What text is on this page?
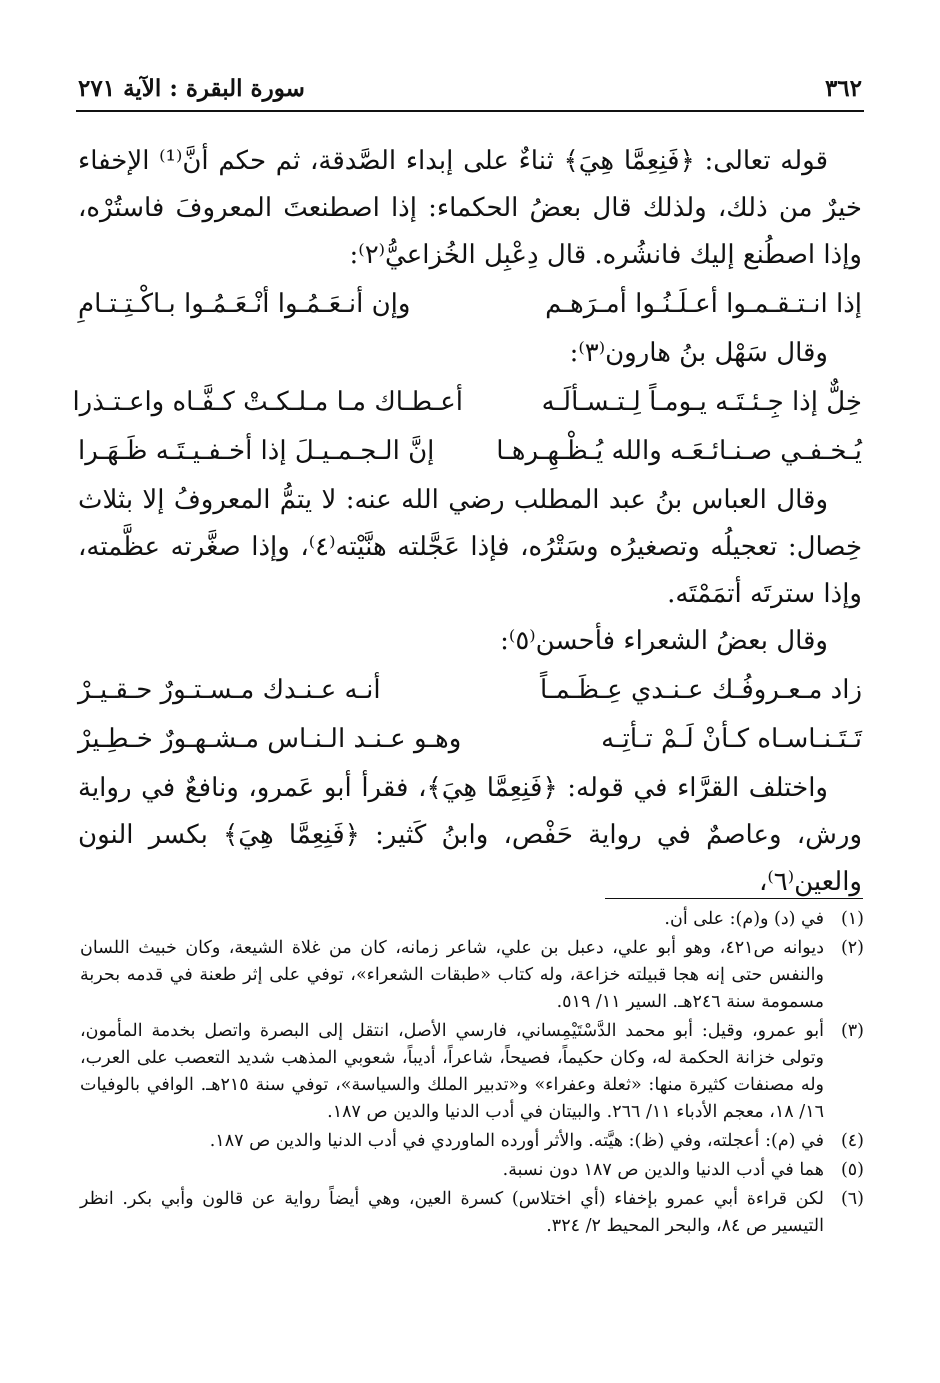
٣٦٢
سورة البقرة : الآية ٢٧١

قوله تعالى: ﴿فَنِعِمَّا هِيَ﴾ ثناءٌ على إبداء الصَّدقة، ثم حكم أنَّ⁽¹⁾ الإخفاء خيرٌ من ذلك، ولذلك قال بعضُ الحكماء: إذا اصطنعتَ المعروفَ فاستُرْه، وإذا اصطُنع إليك فانشُره. قال دِعْبِل الخُزاعيُّ⁽٢⁾:

إذا انـتـقـمـوا أعـلَـنُـوا أمـرَهـم
وإن أنـعَـمُـوا أنْـعَـمُـوا بـاكْـتِـتـامِ

وقال سَهْل بنُ هارون⁽٣⁾:

خِلٌّ إذا جِـئـتَـه يـومـاً لِـتـسـألَـه
أعـطـاك مـا مـلـكـتْ كـفَّـاه واعـتـذرا
يُـخـفـي صـنـائـعَـه والله يُـظْـهِـرهـا
إنَّ الـجـمـيـلَ إذا أخـفـيـتَـه ظَـهَـرا

وقال العباس بنُ عبد المطلب رضي الله عنه: لا يتمُّ المعروفُ إلا بثلاث خِصال: تعجيلُه وتصغيرُه وسَتْرُه، فإذا عَجَّلته هنَّيْته⁽٤⁾، وإذا صغَّرته عظَّمته، وإذا سترتَه أتمَمْتَه.

وقال بعضُ الشعراء فأحسن⁽٥⁾:

زاد مـعـروفُـك عـنـدي عِـظَـمـاً
أنـه عـنـدك مـسـتـورٌ حـقـيـرْ
تَـتَـنـاسـاه كـأنْ لَـمْ تـأتِـه
وهـو عـنـد الـنـاس مـشـهـورٌ خـطِـيرْ

واختلف القرَّاء في قوله: ﴿فَنِعِمَّا هِيَ﴾، فقرأ أبو عَمرو، ونافعٌ في رواية ورش، وعاصمٌ في رواية حَفْص، وابنُ كَثير: ﴿فَنِعِمَّا هِيَ﴾ بكسر النون والعين⁽٦⁾،

(١)
في (د) و(م): على أن.
(٢)
ديوانه ص٤٢١، وهو أبو علي، دعبل بن علي، شاعر زمانه، كان من غلاة الشيعة، وكان خبيث اللسان والنفس حتى إنه هجا قبيلته خزاعة، وله كتاب «طبقات الشعراء»، توفي على إثر طعنة في قدمه بحربة مسمومة سنة ٢٤٦هـ. السير ١١/ ٥١٩.
(٣)
أبو عمرو، وقيل: أبو محمد الدَّسْتَيْمِساني، فارسي الأصل، انتقل إلى البصرة واتصل بخدمة المأمون، وتولى خزانة الحكمة له، وكان حكيماً، فصيحاً، شاعراً، أديباً، شعوبي المذهب شديد التعصب على العرب، وله مصنفات كثيرة منها: «ثعلة وعفراء» و«تدبير الملك والسياسة»، توفي سنة ٢١٥هـ. الوافي بالوفيات ١٦/ ١٨، معجم الأدباء ١١/ ٢٦٦. والبيتان في أدب الدنيا والدين ص ١٨٧.
(٤)
في (م): أعجلته، وفي (ظ): هيَّته. والأثر أورده الماوردي في أدب الدنيا والدين ص ١٨٧.
(٥)
هما في أدب الدنيا والدين ص ١٨٧ دون نسبة.
(٦)
لكن قراءة أبي عمرو بإخفاء (أي اختلاس) كسرة العين، وهي أيضاً رواية عن قالون وأبي بكر. انظر التيسير ص ٨٤، والبحر المحيط ٢/ ٣٢٤.
